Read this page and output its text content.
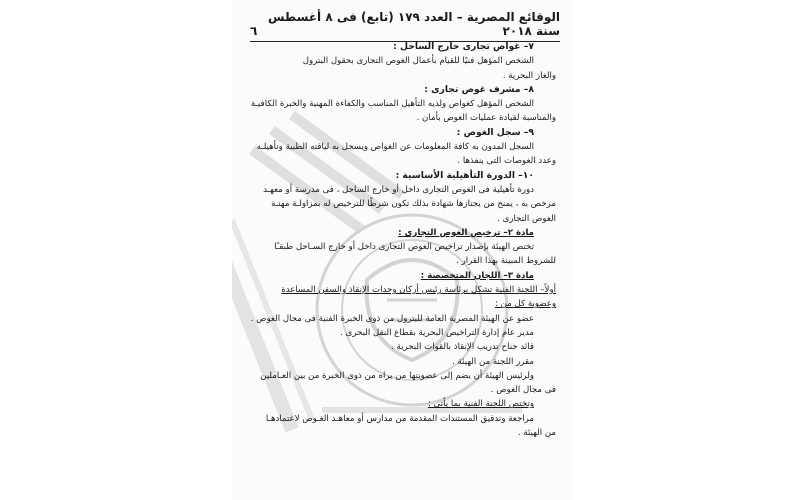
الوقائع المصرية – العدد ١٧٩ (تابع) فى ٨ أغسطس سنة ٢٠١٨
٦
٧– غواص تجارى خارج الساحل :
الشخص المؤهل فنيًا للقيام بأعمال الغوص التجارى بحقول البترول
والغاز البحرية .
٨– مشرف غوص تجارى :
الشخص المؤهل كغواص ولديه التأهيل المناسب والكفاءة المهنية والخبرة الكافيـة
والمناسبة لقيادة عمليات الغوص بأمان .
٩– سجل الغوص :
السجل المدون به كافة المعلومات عن الغواص ويسجل به لياقته الطبية وتأهيلـه
وعدد الغوصات التى ينفذها .
١٠– الدورة التأهيلية الأساسية :
دورة تأهيلية فى الغوص التجارى داخل أو خارج الساحل ، فى مدرسة أو معهـد
مرخص به ، يمنح من يجتازها شهادة بذلك تكون شرطًا للترخيص له بمزاولـة مهنـة
الغوص التجارى .
مادة ٢– ترخيص الغوص التجارى :
تختص الهيئة بإصدار تراخيص الغوص التجارى داخل أو خارج السـاحل طبقـًا
للشروط المبينة بهذا القرار .
مادة ٣– اللجان المتخصصة :
أولاً– اللجنة الفنية تشكل برئاسة رئيس أركان وحدات الإنقاذ والسفن المساعدة
وعضوية كل من :
عضو عن الهيئة المصرية العامة للبترول من ذوى الخبرة الفنية فى مجال الغوص .
مدير عام إدارة التراخيص البحرية بقطاع النقل البحرى .
قائد جناح تدريب الإنقاذ بالقوات البحرية .
مقرر اللجنة من الهيئة .
ولرئيس الهيئة أن يضم إلى عضويتها من يراه من ذوى الخبرة من بين العـاملين
فى مجال الغوص .
وتختص اللجنة الفنية بما يأتى :
مراجعة وتدقيق المستندات المقدمة من مدارس أو معاهـد الغـوص لاعتمادهـا
من الهيئة .
